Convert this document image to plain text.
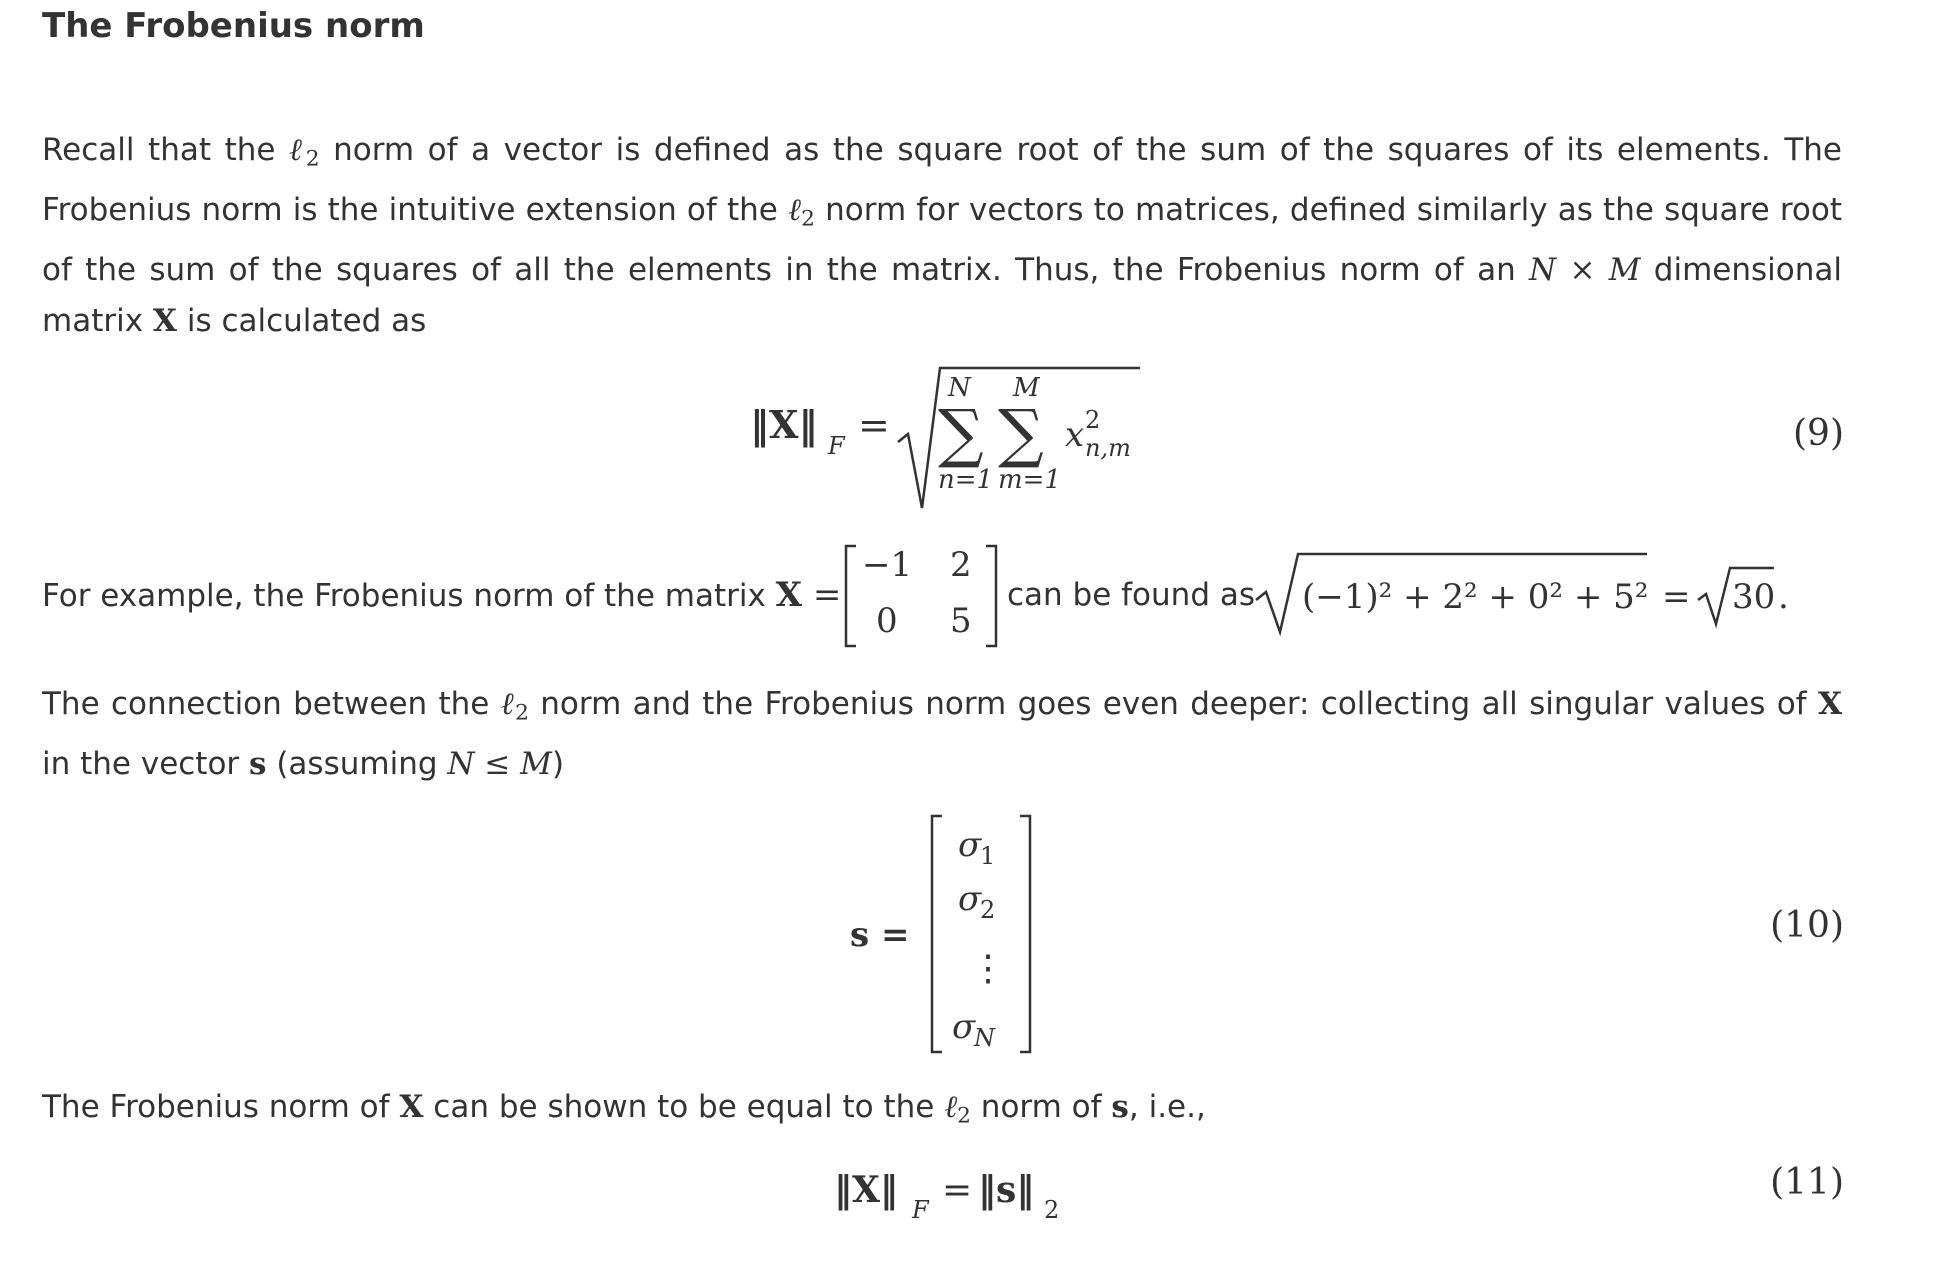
The Frobenius norm

Recall that the ℓ$_2$ norm of a vector is defined as the square root of the sum of the squares of its elements. The Frobenius norm is the intuitive extension of the ℓ$_2$ norm for vectors to matrices, defined similarly as the square root of the sum of the squares of all the elements in the matrix. Thus, the Frobenius norm of an N × M dimensional matrix X is calculated as

‖X‖ F =
N M
∑ ∑
n=1 m=1
x 2
n,m	(9)
For example, the Frobenius norm of the matrix X =
−1 2
0 5
can be found as (−1)² + 2² + 0² + 5² = 30 .

The connection between the ℓ$_2$ norm and the Frobenius norm goes even deeper: collecting all singular values of X in the vector s (assuming N ≤ M)

s =
σ
1
σ
2
⋮
σ
N
(10)

The Frobenius norm of X can be shown to be equal to the ℓ$_2$ norm of s, i.e.,

‖X‖ F = ‖s‖ 2
(11)
